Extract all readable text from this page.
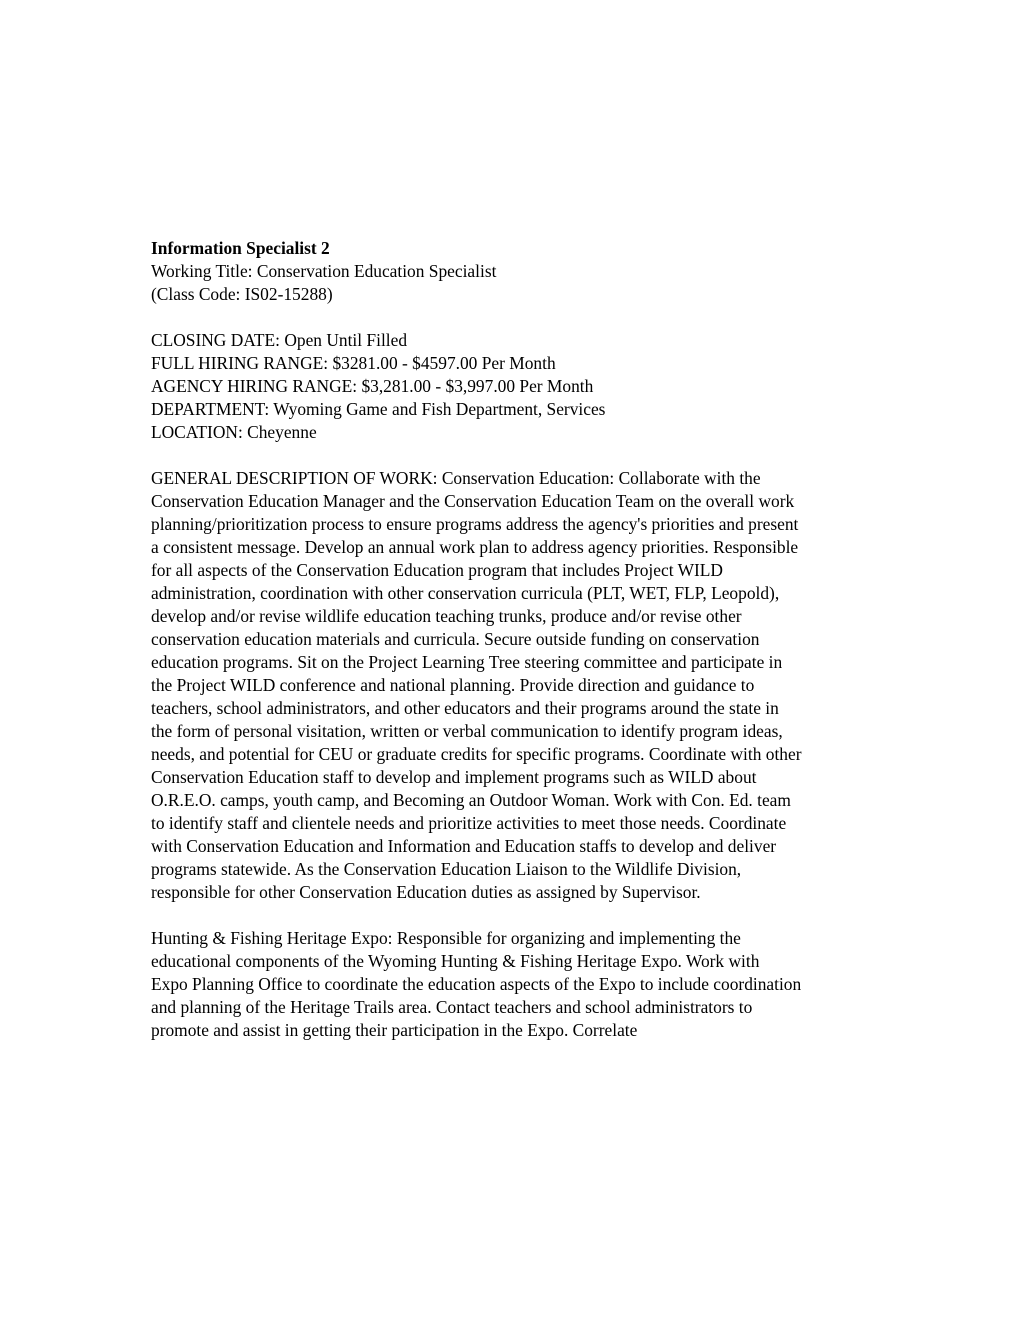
Information Specialist 2
Working Title: Conservation Education Specialist
(Class Code: IS02-15288)
CLOSING DATE: Open Until Filled
FULL HIRING RANGE: $3281.00 - $4597.00 Per Month
AGENCY HIRING RANGE: $3,281.00 - $3,997.00 Per Month
DEPARTMENT: Wyoming Game and Fish Department, Services
LOCATION: Cheyenne
GENERAL DESCRIPTION OF WORK: Conservation Education: Collaborate with the
Conservation Education Manager and the Conservation Education Team on the overall work
planning/prioritization process to ensure programs address the agency's priorities and present
a consistent message. Develop an annual work plan to address agency priorities. Responsible
for all aspects of the Conservation Education program that includes Project WILD
administration, coordination with other conservation curricula (PLT, WET, FLP, Leopold),
develop and/or revise wildlife education teaching trunks, produce and/or revise other
conservation education materials and curricula. Secure outside funding on conservation
education programs. Sit on the Project Learning Tree steering committee and participate in
the Project WILD conference and national planning. Provide direction and guidance to
teachers, school administrators, and other educators and their programs around the state in
the form of personal visitation, written or verbal communication to identify program ideas,
needs, and potential for CEU or graduate credits for specific programs. Coordinate with other
Conservation Education staff to develop and implement programs such as WILD about
O.R.E.O. camps, youth camp, and Becoming an Outdoor Woman. Work with Con. Ed. team
to identify staff and clientele needs and prioritize activities to meet those needs. Coordinate
with Conservation Education and Information and Education staffs to develop and deliver
programs statewide. As the Conservation Education Liaison to the Wildlife Division,
responsible for other Conservation Education duties as assigned by Supervisor.
Hunting & Fishing Heritage Expo: Responsible for organizing and implementing the
educational components of the Wyoming Hunting & Fishing Heritage Expo. Work with
Expo Planning Office to coordinate the education aspects of the Expo to include coordination
and planning of the Heritage Trails area. Contact teachers and school administrators to
promote and assist in getting their participation in the Expo. Correlate
